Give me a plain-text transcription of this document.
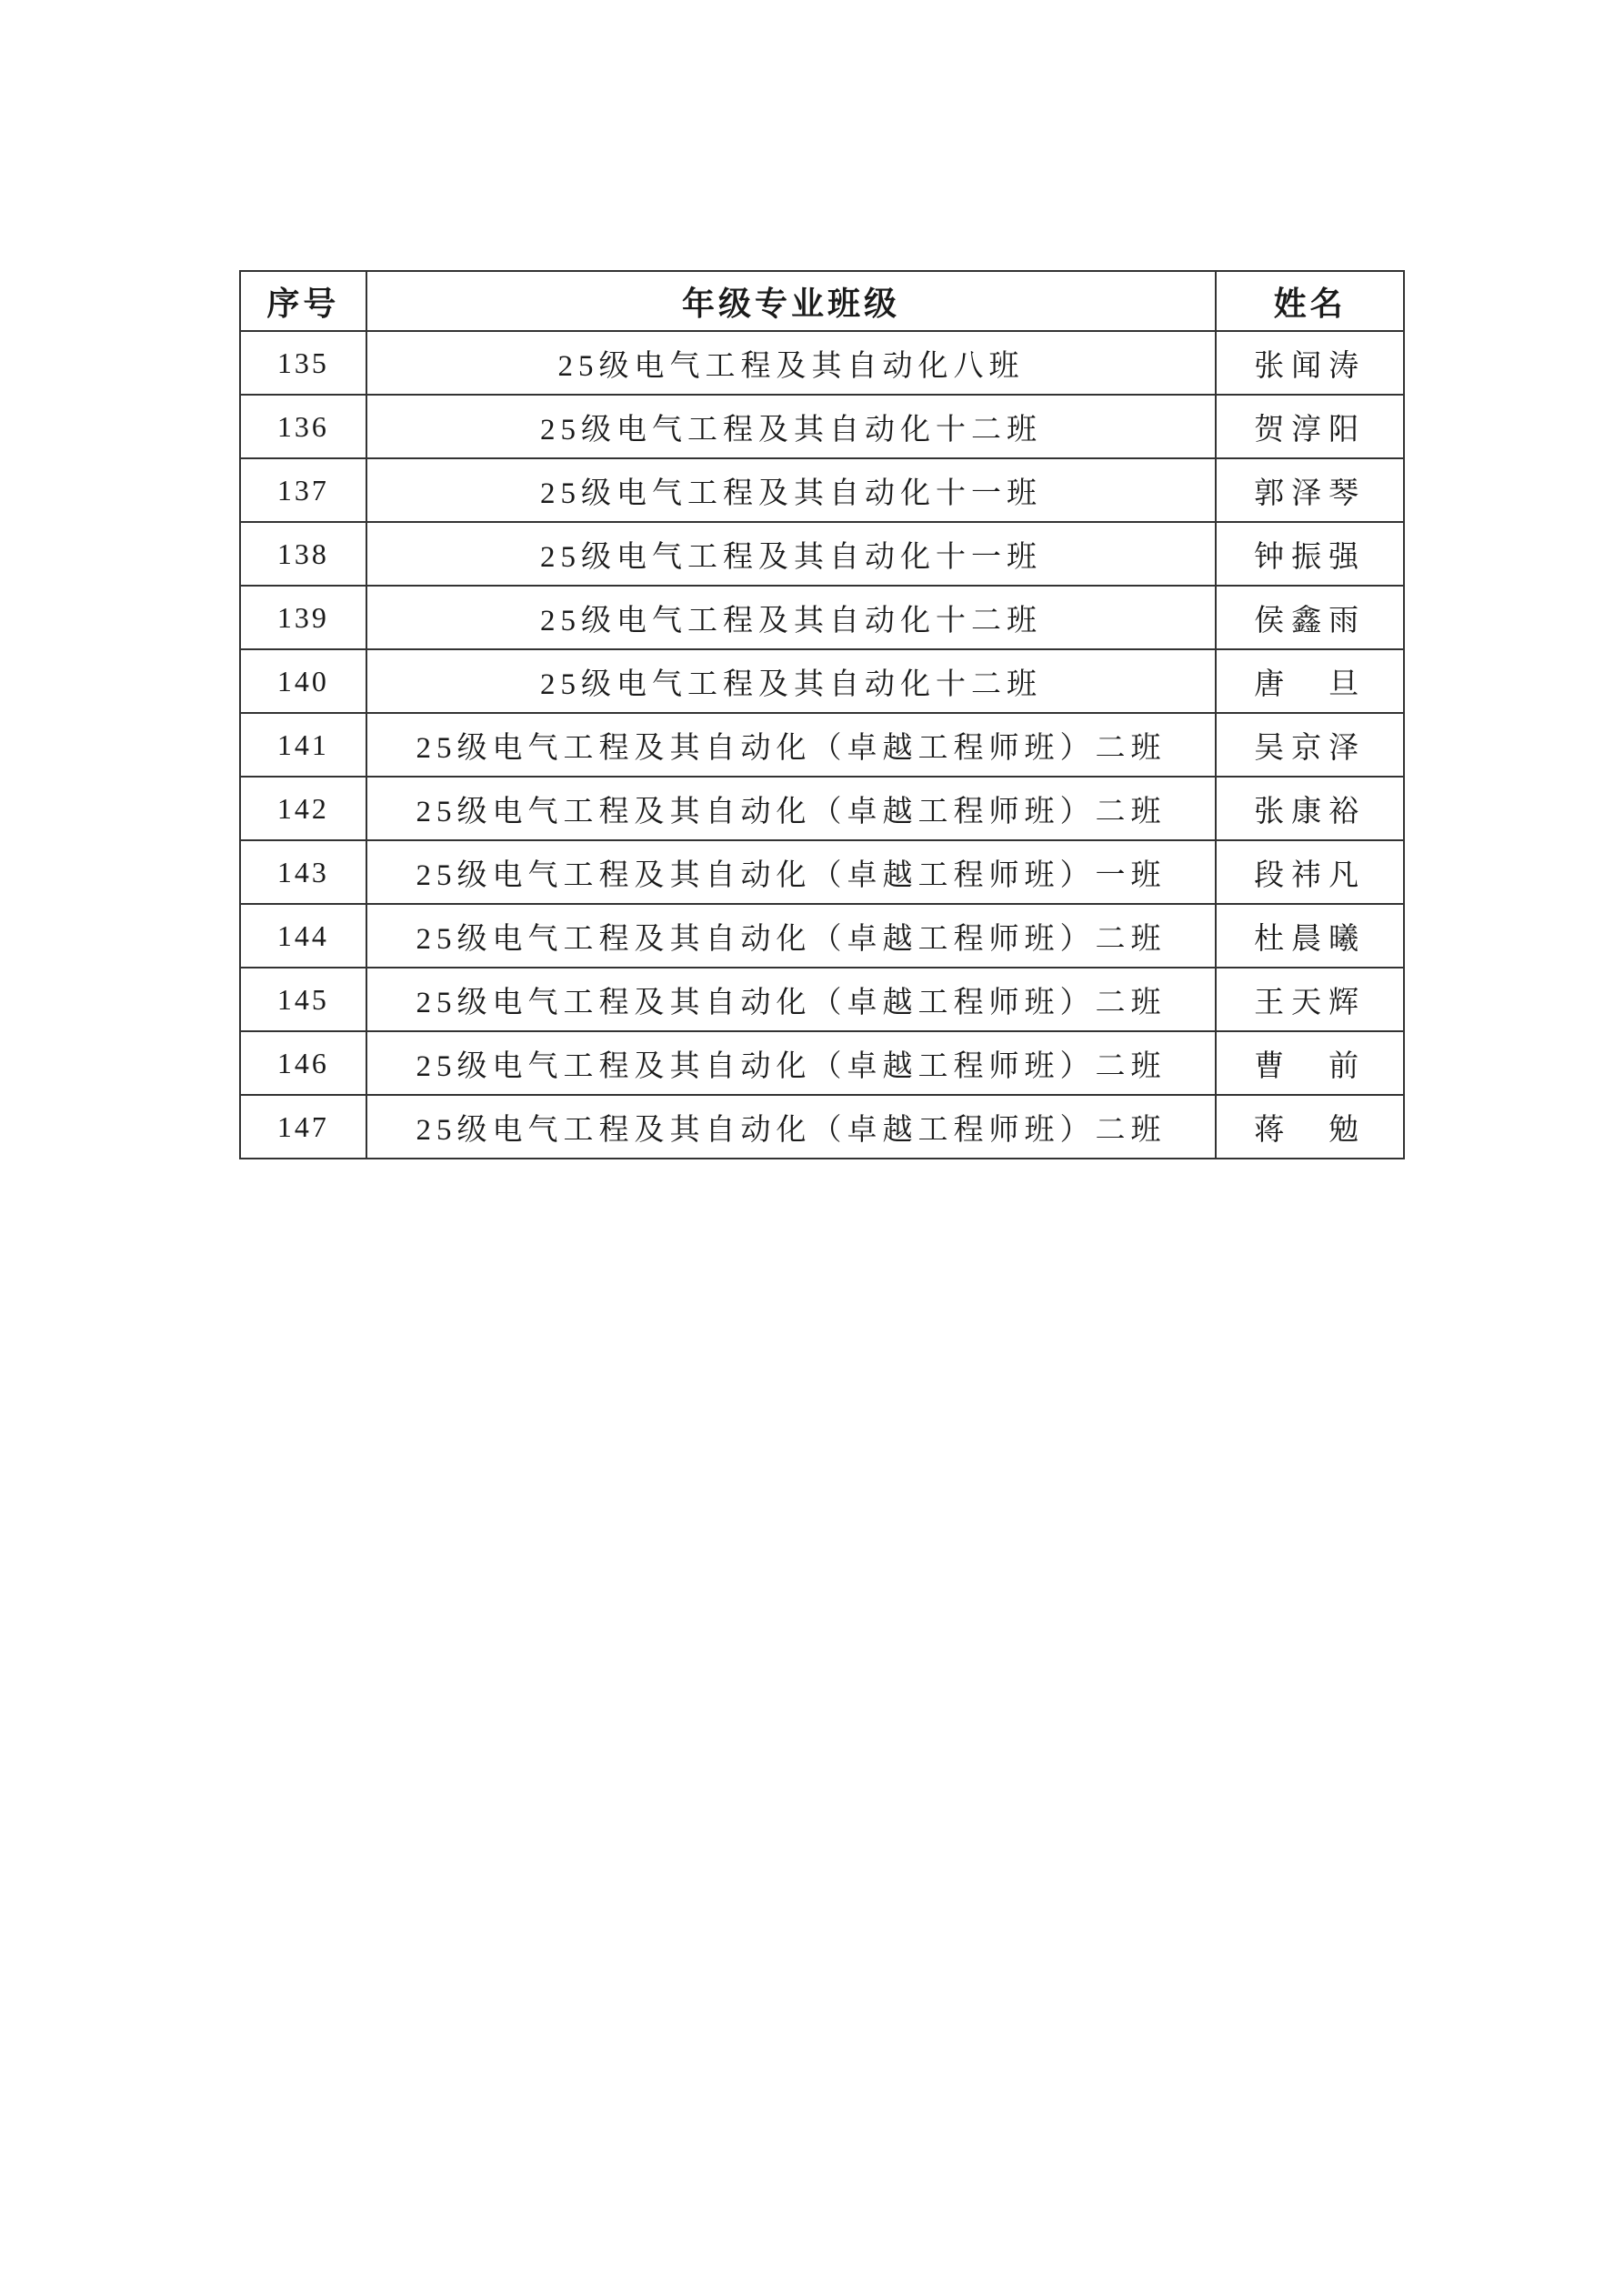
序号	年级专业班级	姓名
135	25级电气工程及其自动化八班	张闻涛
136	25级电气工程及其自动化十二班	贺淳阳
137	25级电气工程及其自动化十一班	郭泽琴
138	25级电气工程及其自动化十一班	钟振强
139	25级电气工程及其自动化十二班	侯鑫雨
140	25级电气工程及其自动化十二班	唐　旦
141	25级电气工程及其自动化（卓越工程师班）二班	吴京泽
142	25级电气工程及其自动化（卓越工程师班）二班	张康裕
143	25级电气工程及其自动化（卓越工程师班）一班	段祎凡
144	25级电气工程及其自动化（卓越工程师班）二班	杜晨曦
145	25级电气工程及其自动化（卓越工程师班）二班	王天辉
146	25级电气工程及其自动化（卓越工程师班）二班	曹　前
147	25级电气工程及其自动化（卓越工程师班）二班	蒋　勉
